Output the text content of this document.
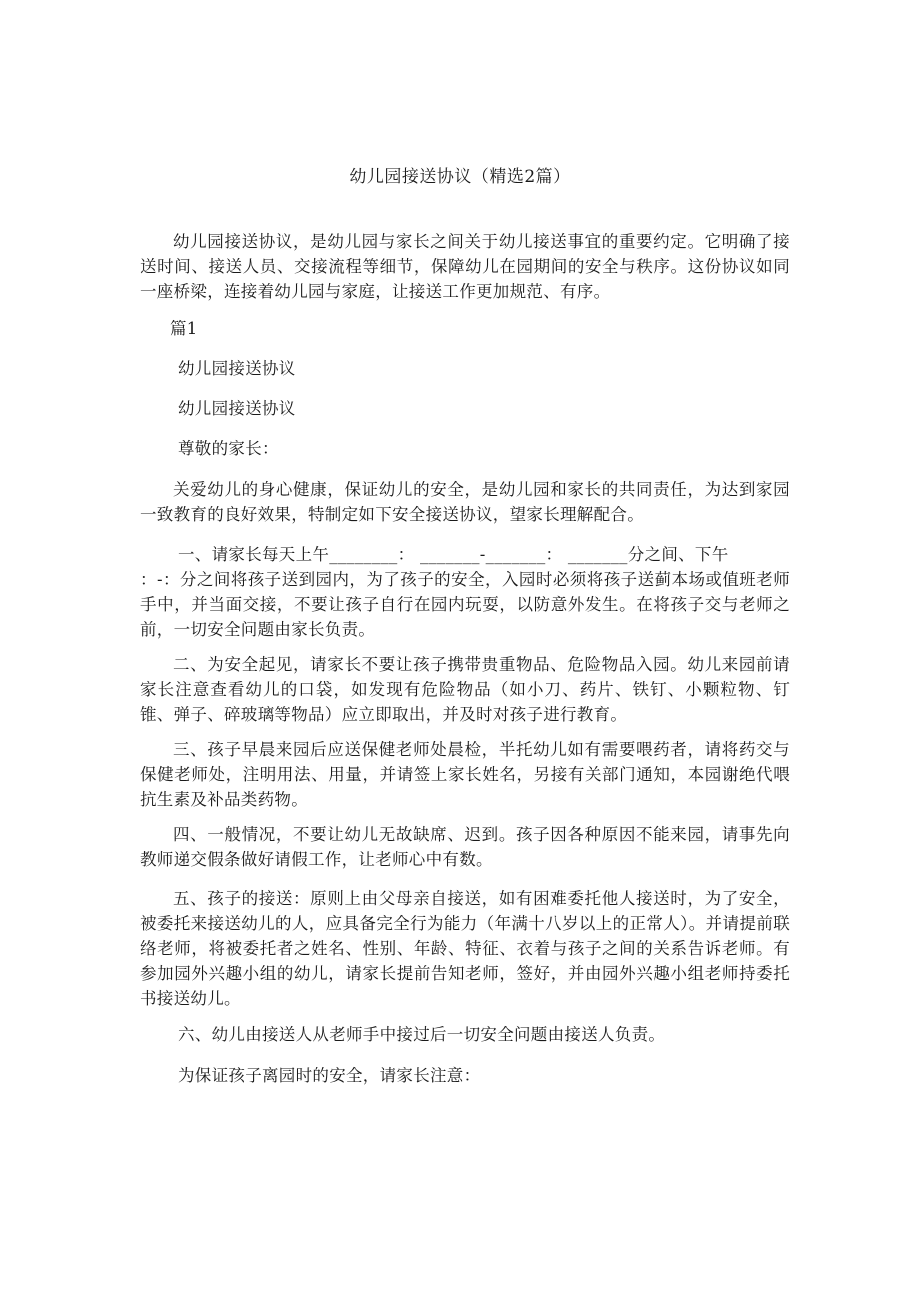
幼儿园接送协议（精选2篇）
幼儿园接送协议，是幼儿园与家长之间关于幼儿接送事宜的重要约定。它明确了接送时间、接送人员、交接流程等细节，保障幼儿在园期间的安全与秩序。这份协议如同一座桥梁，连接着幼儿园与家庭，让接送工作更加规范、有序。
篇1
幼儿园接送协议
幼儿园接送协议
尊敬的家长：
关爱幼儿的身心健康，保证幼儿的安全，是幼儿园和家长的共同责任，为达到家园一致教育的良好效果，特制定如下安全接送协议，望家长理解配合。
一、请家长每天上午________： _______-_______： _______分之间、下午
：-：分之间将孩子送到园内，为了孩子的安全，入园时必须将孩子送蓟本场或值班老师手中，并当面交接，不要让孩子自行在园内玩耍，以防意外发生。在将孩子交与老师之前，一切安全问题由家长负责。
二、为安全起见，请家长不要让孩子携带贵重物品、危险物品入园。幼儿来园前请家长注意查看幼儿的口袋，如发现有危险物品（如小刀、药片、铁钉、小颗粒物、钉锥、弹子、碎玻璃等物品）应立即取出，并及时对孩子进行教育。
三、孩子早晨来园后应送保健老师处晨检，半托幼儿如有需要喂药者，请将药交与保健老师处，注明用法、用量，并请签上家长姓名，另接有关部门通知，本园谢绝代喂抗生素及补品类药物。
四、一般情况，不要让幼儿无故缺席、迟到。孩子因各种原因不能来园，请事先向教师递交假条做好请假工作，让老师心中有数。
五、孩子的接送：原则上由父母亲自接送，如有困难委托他人接送时，为了安全，被委托来接送幼儿的人，应具备完全行为能力（年满十八岁以上的正常人）。并请提前联络老师，将被委托者之姓名、性别、年龄、特征、衣着与孩子之间的关系告诉老师。有参加园外兴趣小组的幼儿，请家长提前告知老师，签好，并由园外兴趣小组老师持委托书接送幼儿。
六、幼儿由接送人从老师手中接过后一切安全问题由接送人负责。
为保证孩子离园时的安全，请家长注意：
